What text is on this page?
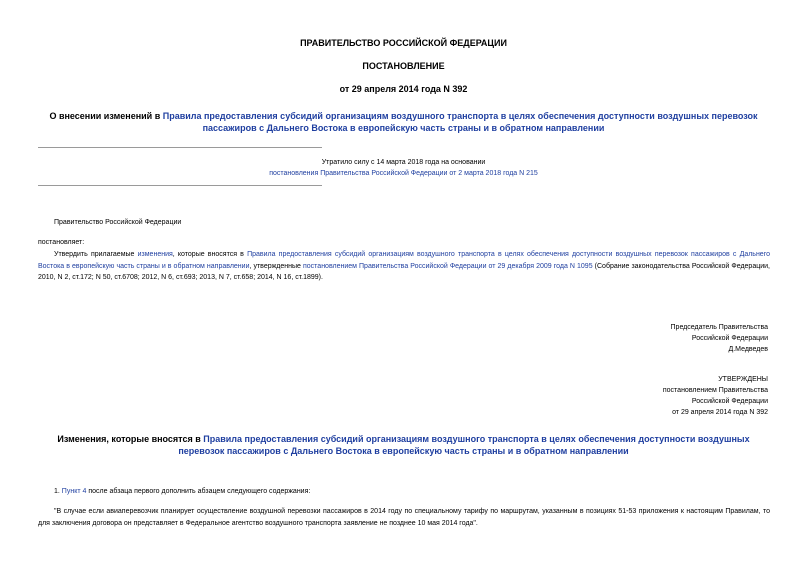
ПРАВИТЕЛЬСТВО РОССИЙСКОЙ ФЕДЕРАЦИИ
ПОСТАНОВЛЕНИЕ
от 29 апреля 2014 года N 392
О внесении изменений в Правила предоставления субсидий организациям воздушного транспорта в целях обеспечения доступности воздушных перевозок пассажиров с Дальнего Востока в европейскую часть страны и в обратном направлении
Утратило силу с 14 марта 2018 года на основании
постановления Правительства Российской Федерации от 2 марта 2018 года N 215
Правительство Российской Федерации
постановляет:
Утвердить прилагаемые изменения, которые вносятся в Правила предоставления субсидий организациям воздушного транспорта в целях обеспечения доступности воздушных перевозок пассажиров с Дальнего Востока в европейскую часть страны и в обратном направлении, утвержденные постановлением Правительства Российской Федерации от 29 декабря 2009 года N 1095 (Собрание законодательства Российской Федерации, 2010, N 2, ст.172; N 50, ст.6708; 2012, N 6, ст.693; 2013, N 7, ст.658; 2014, N 16, ст.1899).
Председатель Правительства
Российской Федерации
Д.Медведев
УТВЕРЖДЕНЫ
постановлением Правительства
Российской Федерации
от 29 апреля 2014 года N 392
Изменения, которые вносятся в Правила предоставления субсидий организациям воздушного транспорта в целях обеспечения доступности воздушных перевозок пассажиров с Дальнего Востока в европейскую часть страны и в обратном направлении
1. Пункт 4 после абзаца первого дополнить абзацем следующего содержания:
"В случае если авиаперевозчик планирует осуществление воздушной перевозки пассажиров в 2014 году по специальному тарифу по маршрутам, указанным в позициях 51-53 приложения к настоящим Правилам, то для заключения договора он представляет в Федеральное агентство воздушного транспорта заявление не позднее 10 мая 2014 года".
